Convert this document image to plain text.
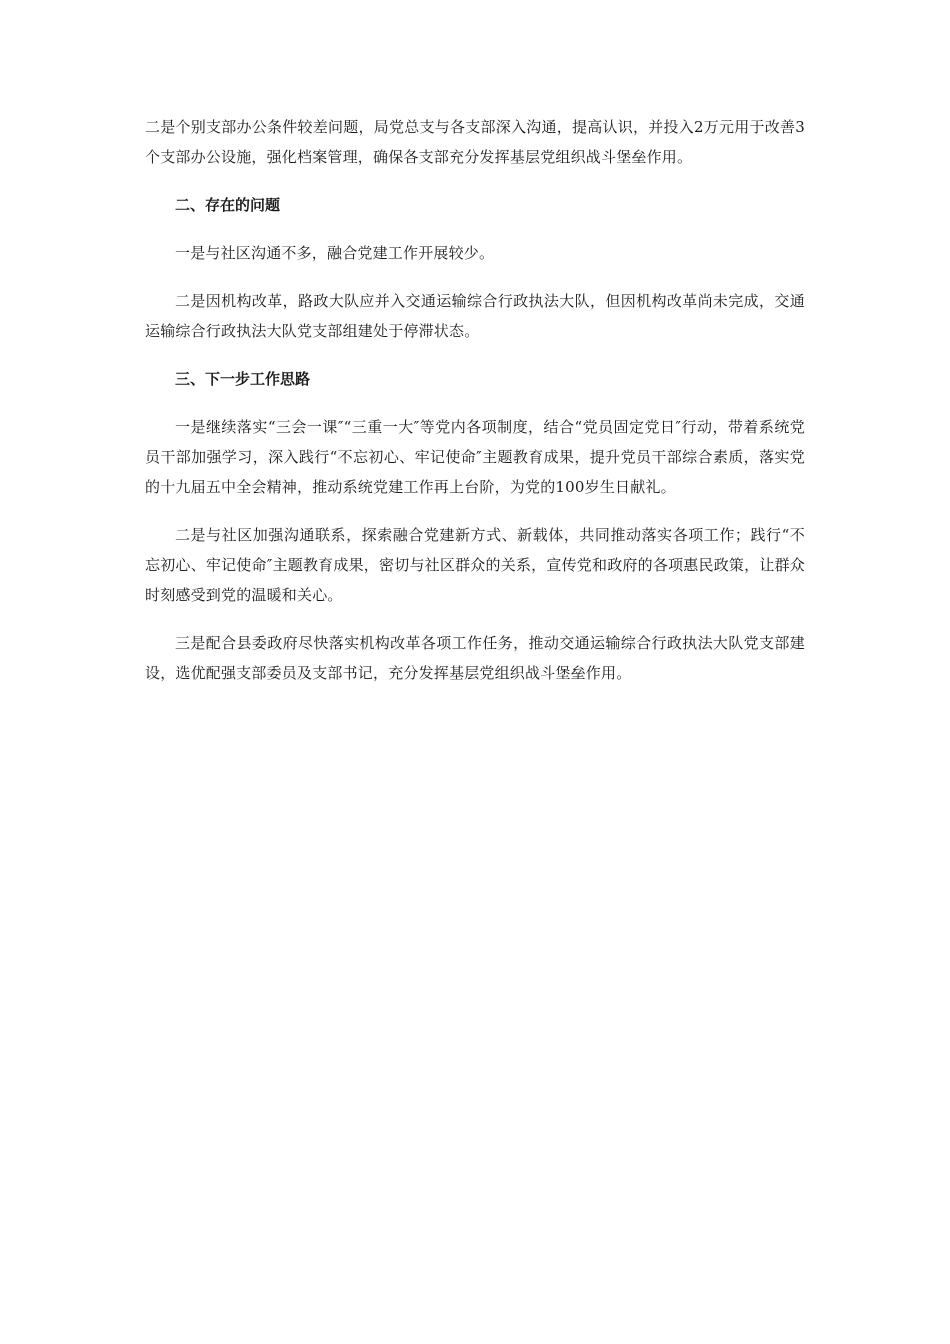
二是个别支部办公条件较差问题，局党总支与各支部深入沟通，提高认识，并投入2万元用于改善3个支部办公设施，强化档案管理，确保各支部充分发挥基层党组织战斗堡垒作用。

二、存在的问题

一是与社区沟通不多，融合党建工作开展较少。

二是因机构改革，路政大队应并入交通运输综合行政执法大队，但因机构改革尚未完成，交通运输综合行政执法大队党支部组建处于停滞状态。

三、下一步工作思路

一是继续落实“三会一课″“三重一大″等党内各项制度，结合“党员固定党日″行动，带着系统党员干部加强学习，深入践行“不忘初心、牢记使命″主题教育成果，提升党员干部综合素质，落实党的十九届五中全会精神，推动系统党建工作再上台阶，为党的100岁生日献礼。

二是与社区加强沟通联系，探索融合党建新方式、新载体，共同推动落实各项工作；践行“不忘初心、牢记使命″主题教育成果，密切与社区群众的关系，宣传党和政府的各项惠民政策，让群众时刻感受到党的温暖和关心。

三是配合县委政府尽快落实机构改革各项工作任务，推动交通运输综合行政执法大队党支部建设，选优配强支部委员及支部书记，充分发挥基层党组织战斗堡垒作用。
